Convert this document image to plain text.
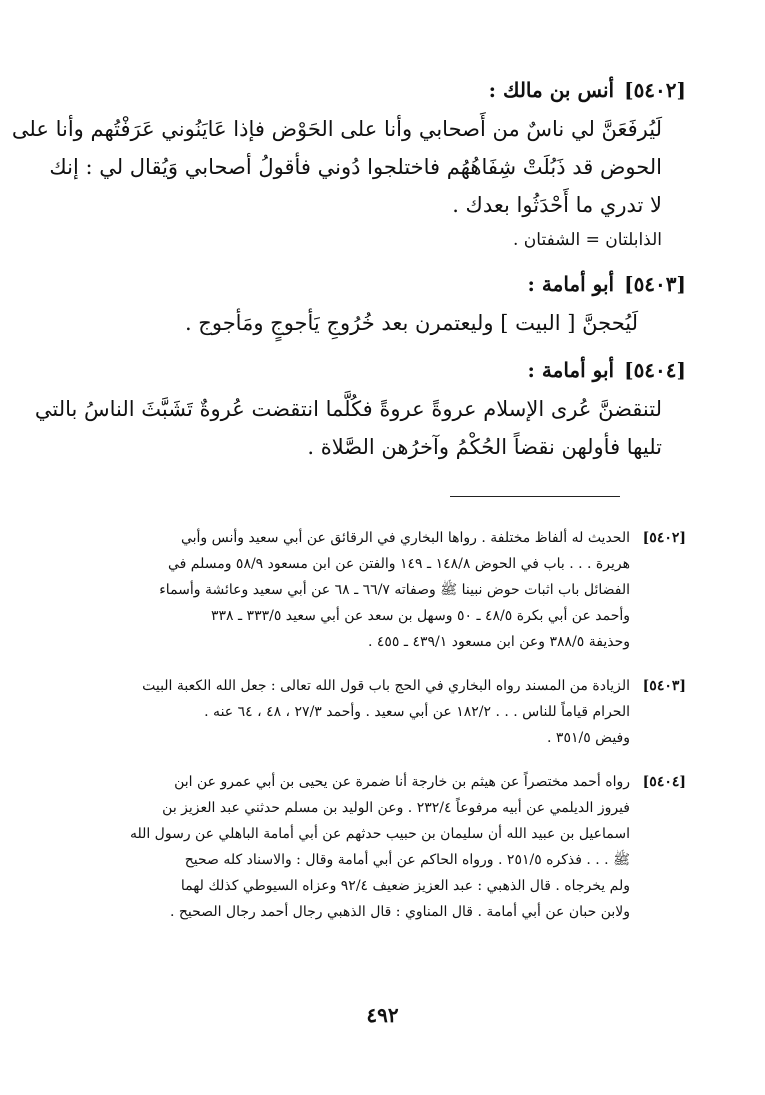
[٥٤٠٢]أنس بن مالك :
لَيُرفَعَنَّ لي ناسٌ من أَصحابي وأنا على الحَوْض فإذا عَايَنُوني عَرَفْتُهم وأنا على
الحوض قد ذَبُلَتْ شِفَاهُهُم فاختلجوا دُوني فأقولُ أصحابي وَيُقال لي : إنك
لا تدري ما أَحْدَثُوا بعدك .
الذابلتان = الشفتان .
[٥٤٠٣]أبو أمامة :
لَيُحجنَّ [ البيت ] وليعتمرن بعد خُرُوجِ يَأجوجٍ ومَأجوج .
[٥٤٠٤]أبو أمامة :
لتنقضنَّ عُرى الإسلام عروةً عروةً فكُلَّما انتقضت عُروةٌ تَشَبَّثَ الناسُ بالتي
تليها فأولهن نقضاً الحُكْمُ وآخرُهن الصَّلاة .
[٥٤٠٢]
الحديث له ألفاظ مختلفة . رواها البخاري في الرقائق عن أبي سعيد وأنس وأبي
هريرة . . . باب في الحوض ١٤٨/٨ ـ ١٤٩ والفتن عن ابن مسعود ٥٨/٩ ومسلم في
الفضائل باب اثبات حوض نبينا ﷺ وصفاته ٦٦/٧ ـ ٦٨ عن أبي سعيد وعائشة وأسماء
وأحمد عن أبي بكرة ٤٨/٥ ـ ٥٠ وسهل بن سعد عن أبي سعيد ٣٣٣/٥ ـ ٣٣٨
وحذيفة ٣٨٨/٥ وعن ابن مسعود ٤٣٩/١ ـ ٤٥٥ .
[٥٤٠٣]
الزيادة من المسند رواه البخاري في الحج باب قول الله تعالى : جعل الله الكعبة البيت
الحرام قياماً للناس . . . ١٨٢/٢ عن أبي سعيد . وأحمد ٢٧/٣ ، ٤٨ ، ٦٤ عنه .
وفيض ٣٥١/٥ .
[٥٤٠٤]
رواه أحمد مختصراً عن هيثم بن خارجة أنا ضمرة عن يحيى بن أبي عمرو عن ابن
فيروز الديلمي عن أبيه مرفوعاً ٢٣٢/٤ . وعن الوليد بن مسلم حدثني عبد العزيز بن
اسماعيل بن عبيد الله أن سليمان بن حبيب حدثهم عن أبي أمامة الباهلي عن رسول الله
ﷺ . . . فذكره ٢٥١/٥ . ورواه الحاكم عن أبي أمامة وقال : والاسناد كله صحيح
ولم يخرجاه . قال الذهبي : عبد العزيز ضعيف ٩٢/٤ وعزاه السيوطي كذلك لهما
ولابن حبان عن أبي أمامة . قال المناوي : قال الذهبي رجال أحمد رجال الصحيح .
٤٩٢
